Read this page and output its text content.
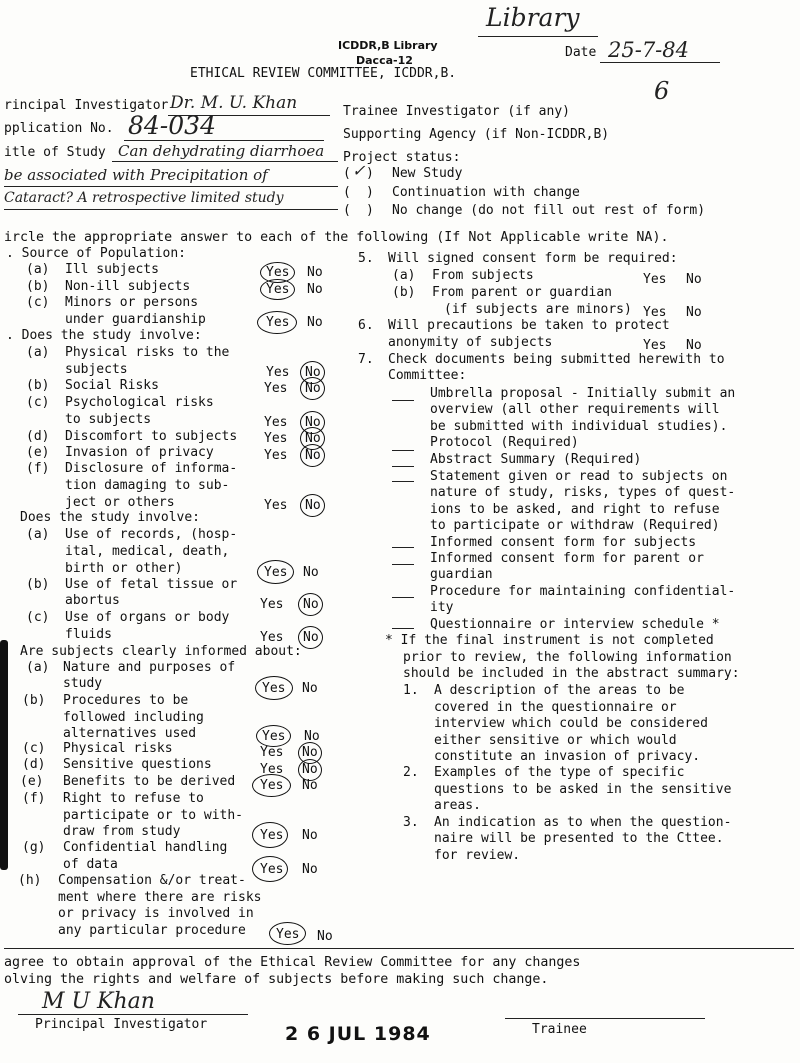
Library
Date 25-7-84
ICDDR,B Library
Dacca-12
ETHICAL REVIEW COMMITTEE, ICDDR,B.
6
rincipal Investigator Dr. M. U. Khan	Trainee Investigator (if any)
pplication No. 84-034	Supporting Agency (if Non-ICDDR,B)
itle of Study Can dehydrating diarrhoea
be associated with Precipitation of
Cataract? A retrospective limited study
Project status:
( ✓ ) New Study
( ) Continuation with change
( ) No change (do not fill out rest of form)
ircle the appropriate answer to each of the following (If Not Applicable write NA).
. Source of Population:
(a) Ill subjects	Yes No
(b) Non-ill subjects	Yes No
(c) Minors or persons
under guardianship	Yes No
. Does the study involve:
(a) Physical risks to the
subjects	Yes No
(b) Social Risks	Yes No
(c) Psychological risks
to subjects	Yes No
(d) Discomfort to subjects Yes No
(e) Invasion of privacy	Yes No
(f) Disclosure of informa-
tion damaging to sub-
ject or others	Yes No
Does the study involve:
(a) Use of records, (hosp-
ital, medical, death,
birth or other)	Yes No
(b) Use of fetal tissue or
abortus	Yes No
(c) Use of organs or body
fluids	Yes No
Are subjects clearly informed about:
(a) Nature and purposes of
study	Yes No
(b) Procedures to be
followed including
alternatives used	Yes No
(c) Physical risks	Yes No
(d) Sensitive questions	Yes No
(e) Benefits to be derived Yes No
(f) Right to refuse to
participate or to with-
draw from study	Yes No
(g) Confidential handling
of data	Yes No
(h) Compensation &/or treat-
ment where there are risks
or privacy is involved in
any particular procedure Yes No
5. Will signed consent form be required:
(a) From subjects	Yes No
(b) From parent or guardian
(if subjects are minors) Yes No
6. Will precautions be taken to protect
anonymity of subjects	Yes No
7. Check documents being submitted herewith to
Committee:
Umbrella proposal - Initially submit an
overview (all other requirements will
be submitted with individual studies).
Protocol (Required)
Abstract Summary (Required)
Statement given or read to subjects on
nature of study, risks, types of quest-
ions to be asked, and right to refuse
to participate or withdraw (Required)
Informed consent form for subjects
Informed consent form for parent or
guardian
Procedure for maintaining confidential-
ity
Questionnaire or interview schedule *
* If the final instrument is not completed
prior to review, the following information
should be included in the abstract summary:
1. A description of the areas to be
covered in the questionnaire or
interview which could be considered
either sensitive or which would
constitute an invasion of privacy.
2. Examples of the type of specific
questions to be asked in the sensitive
areas.
3. An indication as to when the question-
naire will be presented to the Cttee.
for review.
agree to obtain approval of the Ethical Review Committee for any changes
olving the rights and welfare of subjects before making such change.
M U Khan
Principal Investigator	2 6 JUL 1984	Trainee
